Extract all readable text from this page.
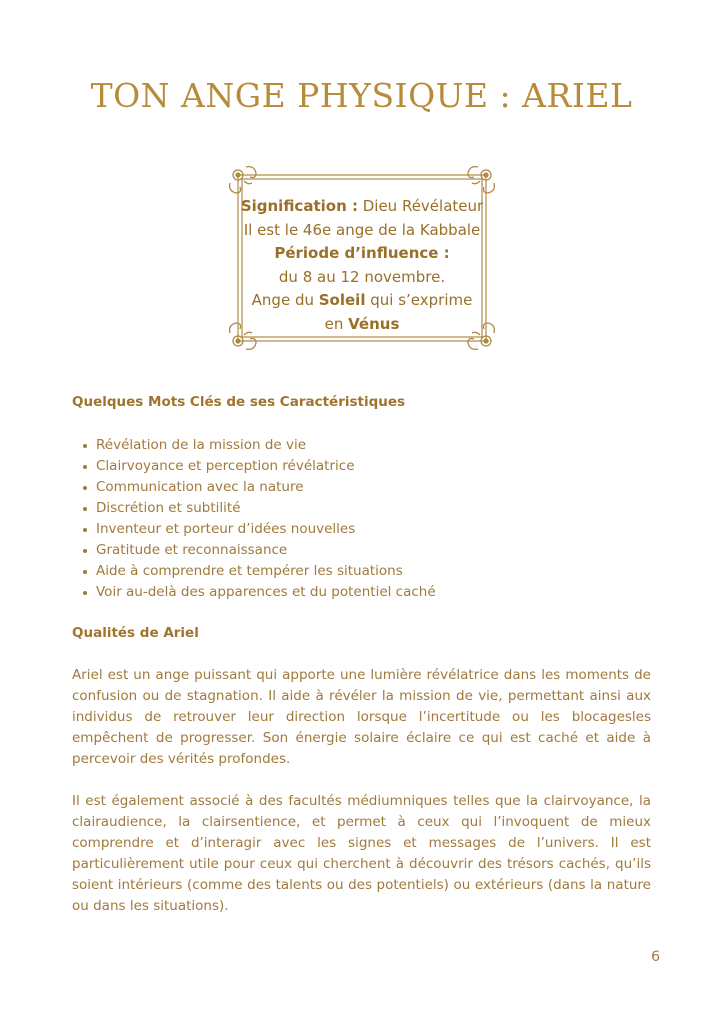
TON ANGE PHYSIQUE : ARIEL
Signification : Dieu Révélateur
Il est le 46e ange de la Kabbale
Période d’influence :
du 8 au 12 novembre.
Ange du Soleil qui s’exprime
en Vénus
Quelques Mots Clés de ses Caractéristiques
Révélation de la mission de vie
Clairvoyance et perception révélatrice
Communication avec la nature
Discrétion et subtilité
Inventeur et porteur d’idées nouvelles
Gratitude et reconnaissance
Aide à comprendre et tempérer les situations
Voir au-delà des apparences et du potentiel caché
Qualités de Ariel

Ariel est un ange puissant qui apporte une lumière révélatrice dans les moments de confusion ou de stagnation. Il aide à révéler la mission de vie, permettant ainsi aux individus de retrouver leur direction lorsque l’incertitude ou les blocagesles empêchent de progresser. Son énergie solaire éclaire ce qui est caché et aide à percevoir des vérités profondes.

Il est également associé à des facultés médiumniques telles que la clairvoyance, la clairaudience, la clairsentience, et permet à ceux qui l’invoquent de mieux comprendre et d’interagir avec les signes et messages de l’univers. Il est particulièrement utile pour ceux qui cherchent à découvrir des trésors cachés, qu’ils soient intérieurs (comme des talents ou des potentiels) ou extérieurs (dans la nature ou dans les situations).

6
